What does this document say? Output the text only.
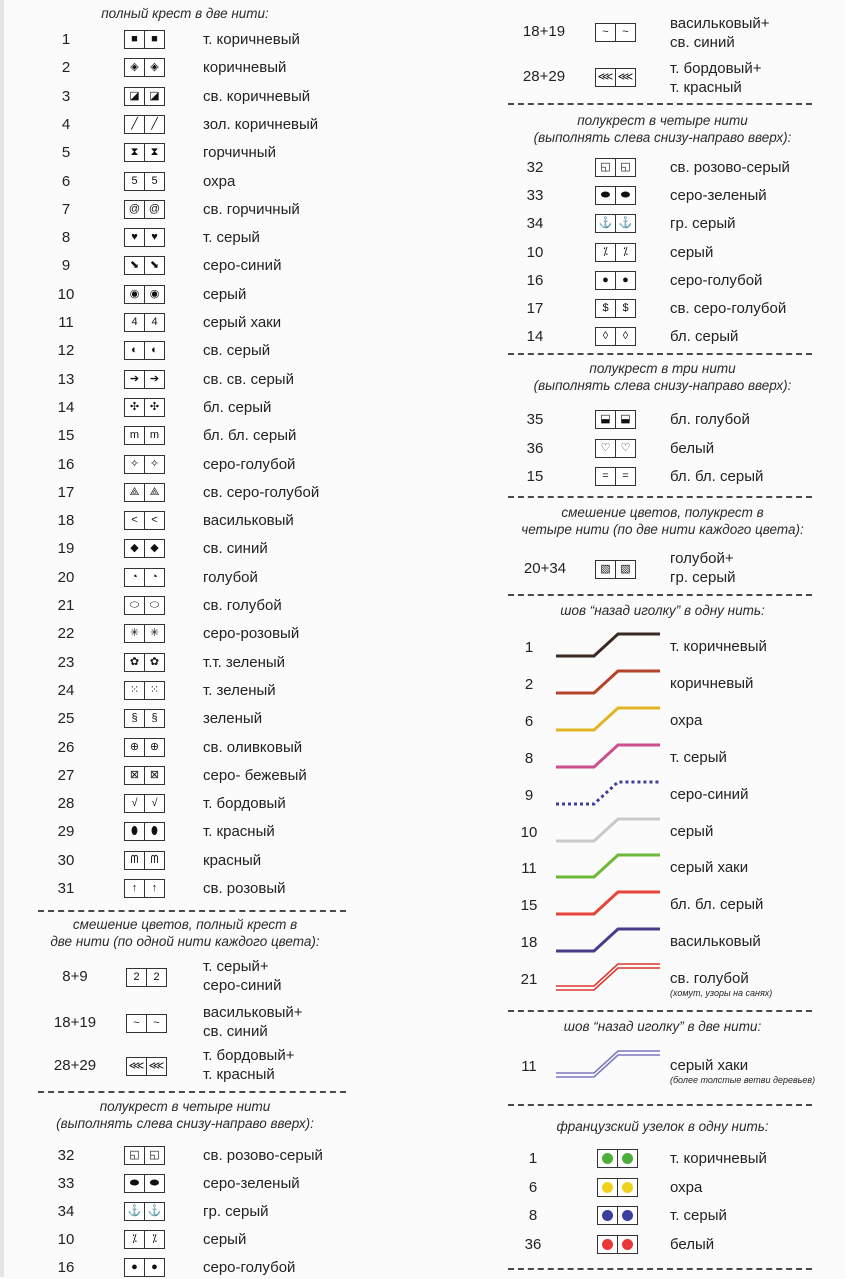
полный крест в две нити:
1	■	■	т. коричневый
2	◈	◈	коричневый
3	◪ ◪	св. коричневый
4	╱	╱	зол. коричневый
5	⧗	⧗	горчичный
6	5	5	охра
7	@ @	св. горчичный
8	♥	♥	т. серый
9	⬊ ⬊	серо-синий
10	◉ ◉	серый
11	4	4	серый хаки
12	◐	◐	св. серый
13	➔ ➔	св. св. серый
14	✣ ✣	бл. серый
15	m m	бл. бл. серый
16	✧ ✧	серо-голубой
17	⟁ ⟁	св. серо-голубой
18	<	<	васильковый
19	◆	◆	св. синий
20	◔	◔	голубой
21	⬭ ⬭	св. голубой
22	✳ ✳	серо-розовый
23	✿ ✿	т.т. зеленый
24	⁙ ⁙	т. зеленый
25	§	§	зеленый
26	⊕ ⊕	св. оливковый
27	⊠ ⊠	серо- бежевый
28	√	√	т. бордовый
29	⬮	⬮	т. красный
30	ᗰ	ᗰ	красный
31	↑	↑	св. розовый
смешение цветов, полный крест в
две нити (по одной нити каждого цвета):
8+9	2	2
т. серый+
серо-синий
18+19	~	~
васильковый+
св. синий
28+29	⋘ ⋘
т. бордовый+
т. красный
полукрест в четыре нити
(выполнять слева снизу-направо вверх):
32	◱ ◱	св. розово-серый
33	⬬ ⬬	серо-зеленый
34	⚓ ⚓	гр. серый
10	⁒	⁒	серый
16	●	●	серо-голубой
18+19	~	~	васильковый+
св. синий
28+29	⋘ ⋘ т. бордовый+
т. красный
полукрест в четыре нити
(выполнять слева снизу-направо вверх):
32	◱ ◱	св. розово-серый
33	⬬ ⬬	серо-зеленый
34	⚓ ⚓	гр. серый
10	⁒	⁒	серый
16	●	●	серо-голубой
17	$	$	св. серо-голубой
14	◊	◊	бл. серый
полукрест в три нити
(выполнять слева снизу-направо вверх):
35	⬓ ⬓	бл. голубой
36	♡ ♡	белый
15	=	=	бл. бл. серый
смешение цветов, полукрест в
четыре нити (по две нити каждого цвета):
20+34	▧ ▧
голубой+
гр. серый
шов “назад иголку” в одну нить:
1	т. коричневый
2	коричневый
6	охра
8	т. серый
9	серо-синий
10	серый
11	серый хаки
15	бл. бл. серый
18	васильковый
21	св. голубой
(хомут, узоры на санях)
шов “назад иголку” в две нити:
11	серый хаки
(более толстые ветви деревьев)
французский узелок в одну нить:
1	т. коричневый
6	охра
8	т. серый
36	белый
